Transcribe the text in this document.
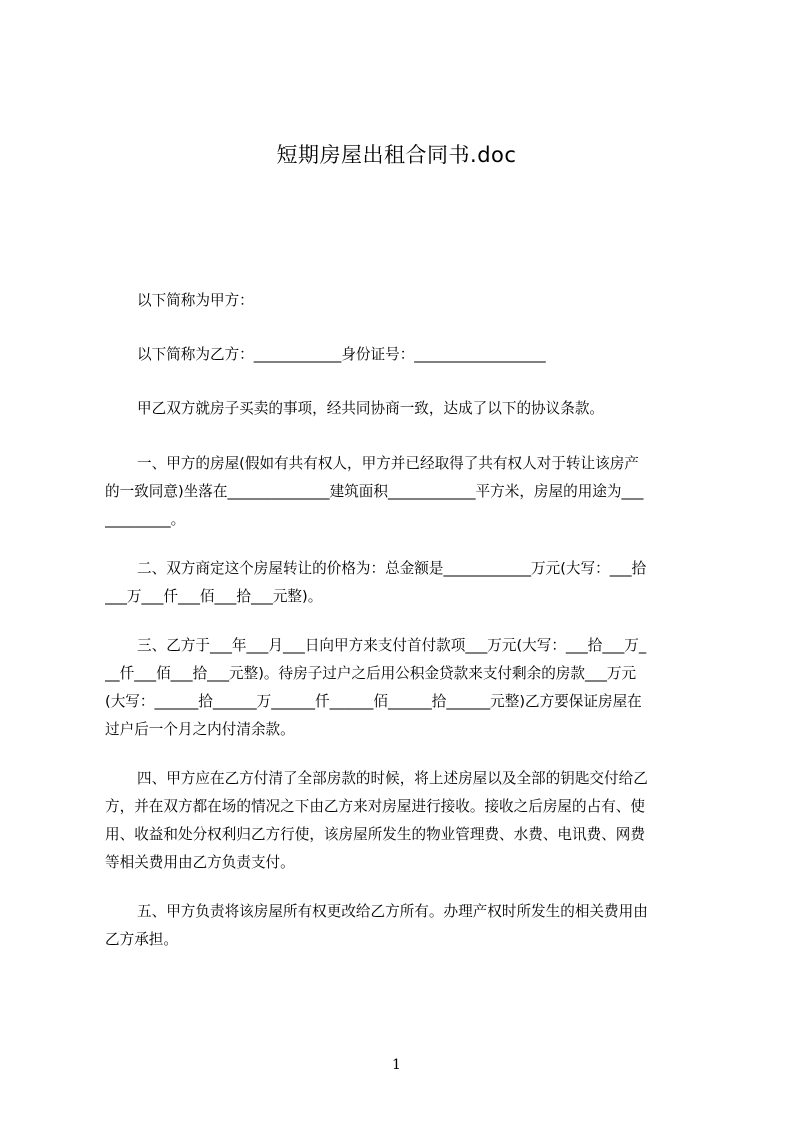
短期房屋出租合同书.doc
以下简称为甲方：
以下简称为乙方：____________身份证号：__________________
甲乙双方就房子买卖的事项，经共同协商一致，达成了以下的协议条款。
一、甲方的房屋(假如有共有权人，甲方并已经取得了共有权人对于转让该房产
的一致同意)坐落在______________建筑面积____________平方米，房屋的用途为___
_________。
二、双方商定这个房屋转让的价格为：总金额是____________万元(大写：___拾
___万___仟___佰___拾___元整)。
三、乙方于___年___月___日向甲方来支付首付款项___万元(大写：___拾___万_
__仟___佰___拾___元整)。待房子过户之后用公积金贷款来支付剩余的房款___万元
(大写：______拾______万______仟______佰______拾______元整)乙方要保证房屋在
过户后一个月之内付清余款。
四、甲方应在乙方付清了全部房款的时候，将上述房屋以及全部的钥匙交付给乙
方，并在双方都在场的情况之下由乙方来对房屋进行接收。接收之后房屋的占有、使
用、收益和处分权利归乙方行使，该房屋所发生的物业管理费、水费、电讯费、网费
等相关费用由乙方负责支付。
五、甲方负责将该房屋所有权更改给乙方所有。办理产权时所发生的相关费用由
乙方承担。
1
